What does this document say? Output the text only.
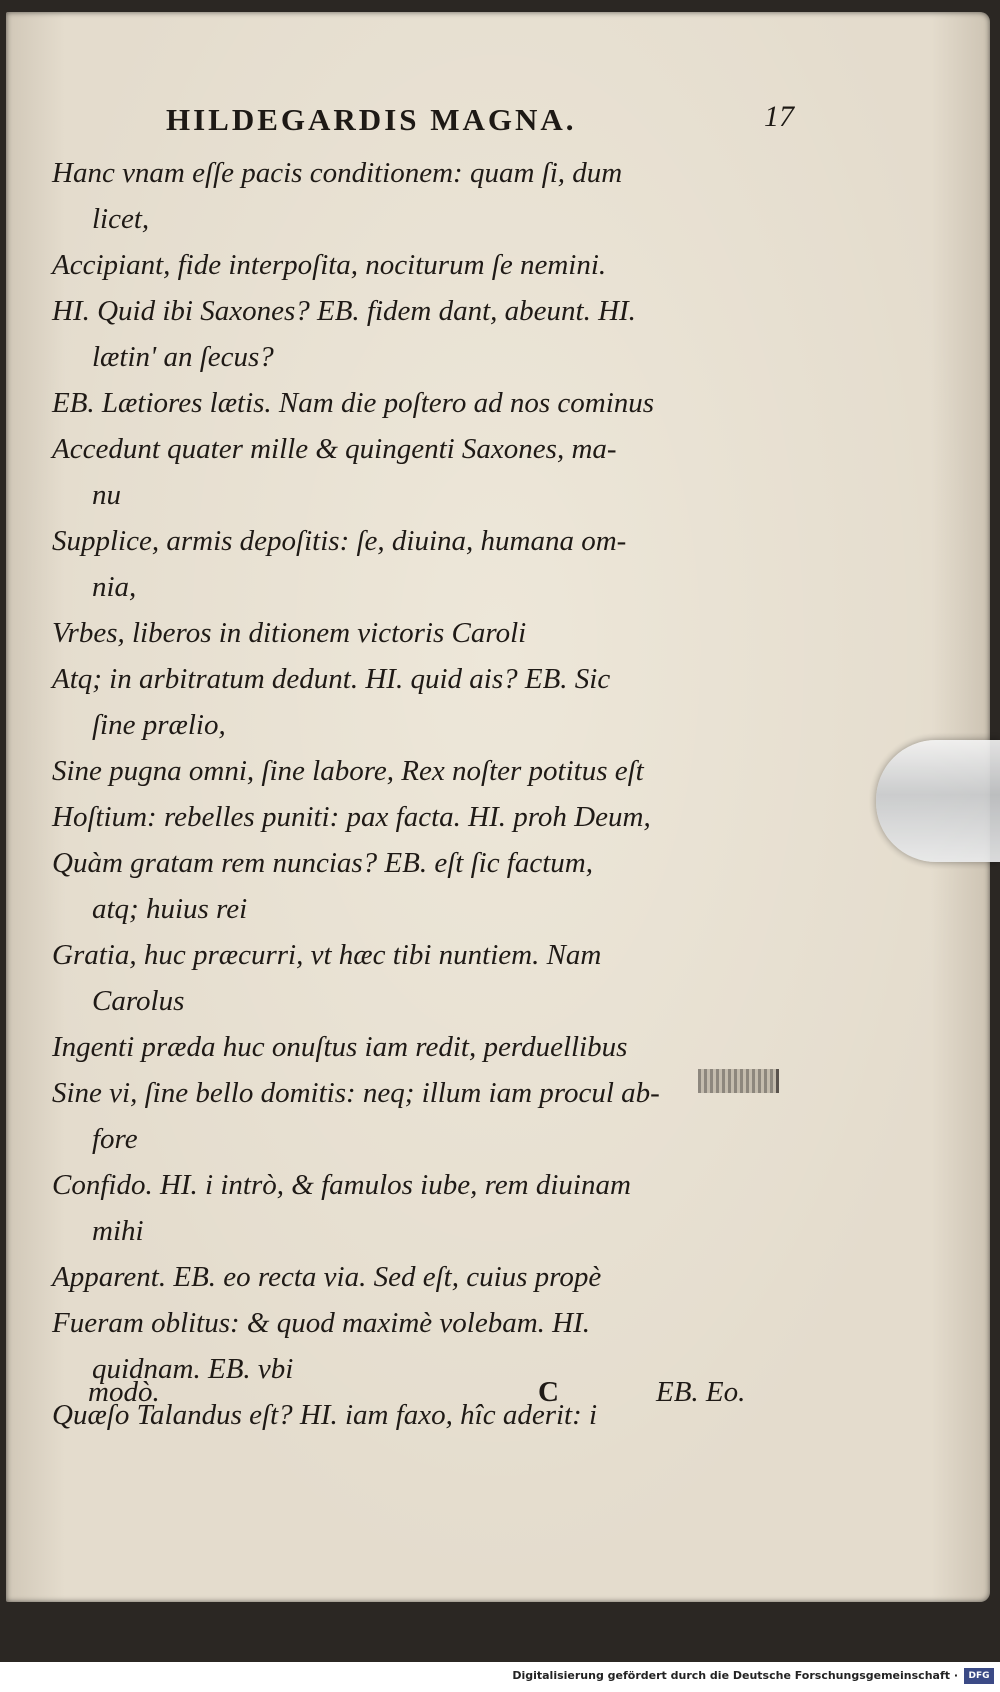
HILDEGARDIS MAGNA.	17
Hanc vnam eſſe pacis conditionem: quam ſi, dum
licet,
Accipiant, fide interpoſita, nociturum ſe nemini.
HI. Quid ibi Saxones? EB. fidem dant, abeunt. HI.
lætin' an ſecus?
EB. Lætiores lætis. Nam die poſtero ad nos cominus
Accedunt quater mille & quingenti Saxones, ma-
nu
Supplice, armis depoſitis: ſe, diuina, humana om-
nia,
Vrbes, liberos in ditionem victoris Caroli
Atq; in arbitratum dedunt. HI. quid ais? EB. Sic
ſine prælio,
Sine pugna omni, ſine labore, Rex noſter potitus eſt
Hoſtium: rebelles puniti: pax facta. HI. proh Deum,
Quàm gratam rem nuncias? EB. eſt ſic factum,
atq; huius rei
Gratia, huc præcurri, vt hæc tibi nuntiem. Nam
Carolus
Ingenti præda huc onuſtus iam redit, perduellibus
Sine vi, ſine bello domitis: neq; illum iam procul ab-
fore
Confido. HI. i intrò, & famulos iube, rem diuinam
mihi
Apparent. EB. eo recta via. Sed eſt, cuius propè
Fueram oblitus: & quod maximè volebam. HI.
quidnam. EB. vbi
Quæſo Talandus eſt? HI. iam faxo, hîc aderit: i
modò.	C	EB. Eo.
Digitalisierung gefördert durch die Deutsche Forschungsgemeinschaft ·	DFG
